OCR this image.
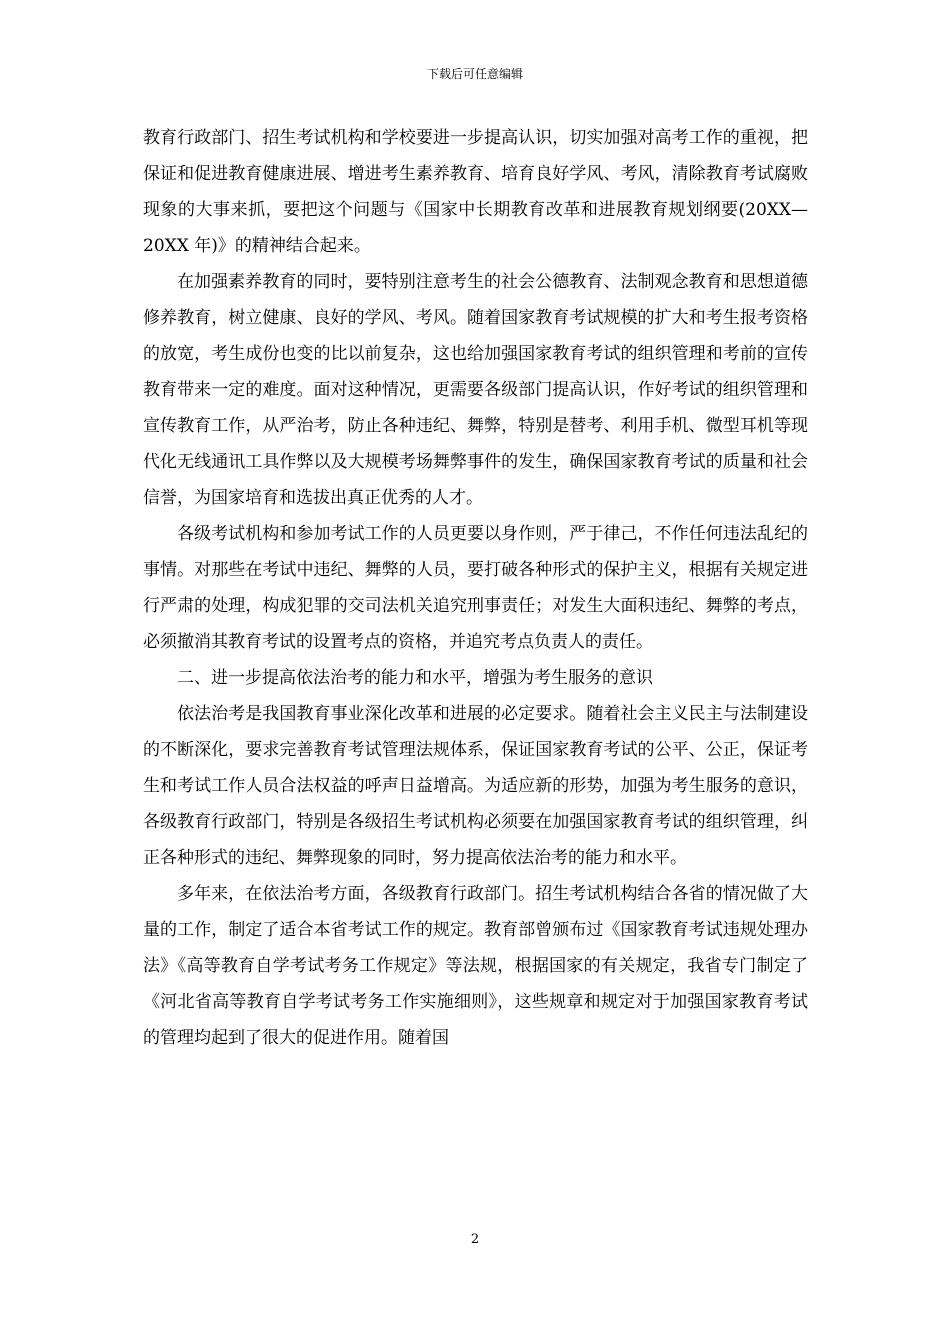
下载后可任意编辑

教育行政部门、招生考试机构和学校要进一步提高认识，切实加强对高考工作的重视，把保证和促进教育健康进展、增进考生素养教育、培育良好学风、考风，清除教育考试腐败现象的大事来抓，要把这个问题与《国家中长期教育改革和进展教育规划纲要(20XX—20XX 年)》的精神结合起来。

在加强素养教育的同时，要特别注意考生的社会公德教育、法制观念教育和思想道德修养教育，树立健康、良好的学风、考风。随着国家教育考试规模的扩大和考生报考资格的放宽，考生成份也变的比以前复杂，这也给加强国家教育考试的组织管理和考前的宣传教育带来一定的难度。面对这种情况，更需要各级部门提高认识，作好考试的组织管理和宣传教育工作，从严治考，防止各种违纪、舞弊，特别是替考、利用手机、微型耳机等现代化无线通讯工具作弊以及大规模考场舞弊事件的发生，确保国家教育考试的质量和社会信誉，为国家培育和选拔出真正优秀的人才。

各级考试机构和参加考试工作的人员更要以身作则，严于律己，不作任何违法乱纪的事情。对那些在考试中违纪、舞弊的人员，要打破各种形式的保护主义，根据有关规定进行严肃的处理，构成犯罪的交司法机关追究刑事责任；对发生大面积违纪、舞弊的考点，必须撤消其教育考试的设置考点的资格，并追究考点负责人的责任。

二、进一步提高依法治考的能力和水平，增强为考生服务的意识

依法治考是我国教育事业深化改革和进展的必定要求。随着社会主义民主与法制建设的不断深化，要求完善教育考试管理法规体系，保证国家教育考试的公平、公正，保证考生和考试工作人员合法权益的呼声日益增高。为适应新的形势，加强为考生服务的意识，各级教育行政部门，特别是各级招生考试机构必须要在加强国家教育考试的组织管理，纠正各种形式的违纪、舞弊现象的同时，努力提高依法治考的能力和水平。

多年来，在依法治考方面，各级教育行政部门。招生考试机构结合各省的情况做了大量的工作，制定了适合本省考试工作的规定。教育部曾颁布过《国家教育考试违规处理办法》《高等教育自学考试考务工作规定》等法规，根据国家的有关规定，我省专门制定了《河北省高等教育自学考试考务工作实施细则》，这些规章和规定对于加强国家教育考试的管理均起到了很大的促进作用。随着国

2
